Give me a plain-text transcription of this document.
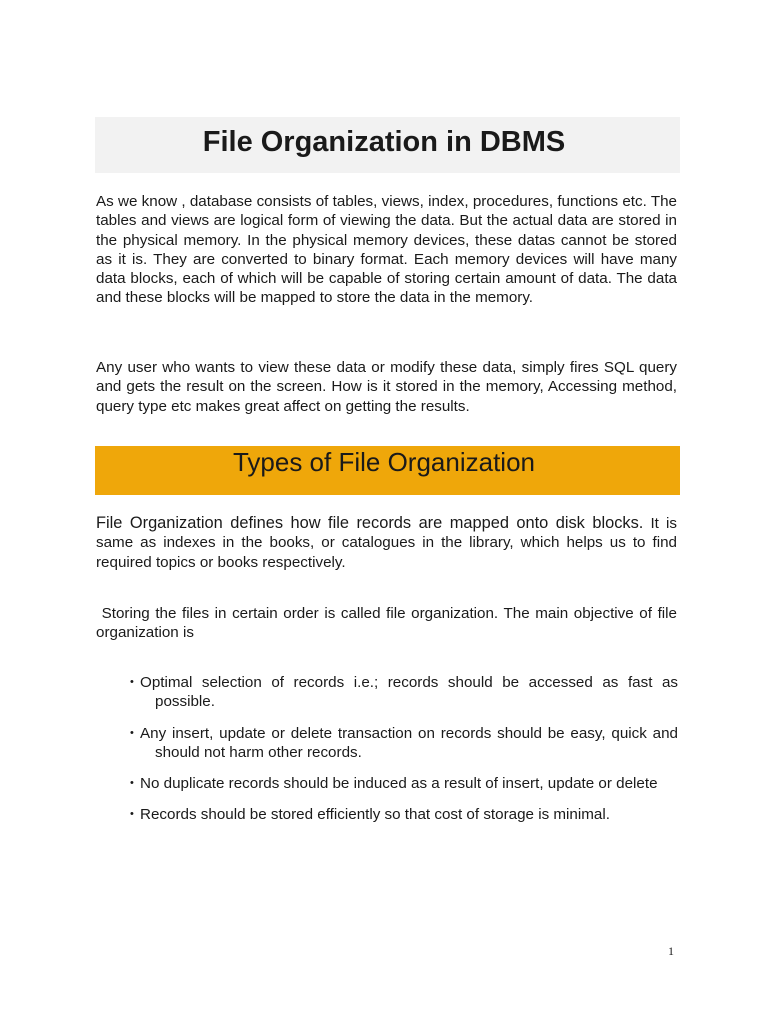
File Organization in DBMS

As we know , database consists of tables, views, index, procedures, functions etc. The tables and views are logical form of viewing the data. But the actual data are stored in the physical memory. In the physical memory devices, these datas cannot be stored as it is. They are converted to binary format. Each memory devices will have many data blocks, each of which will be capable of storing certain amount of data. The data and these blocks will be mapped to store the data in the memory.

Any user who wants to view these data or modify these data, simply fires SQL query and gets the result on the screen. How is it stored in the memory, Accessing method, query type etc makes great affect on getting the results.

Types of File Organization

File Organization defines how file records are mapped onto disk blocks. It is same as indexes in the books, or catalogues in the library, which helps us to find required topics or books respectively.

Storing the files in certain order is called file organization. The main objective of file organization is

• Optimal selection of records i.e.; records should be accessed as fast as possible.
• Any insert, update or delete transaction on records should be easy, quick and should not harm other records.
• No duplicate records should be induced as a result of insert, update or delete
• Records should be stored efficiently so that cost of storage is minimal.
1
